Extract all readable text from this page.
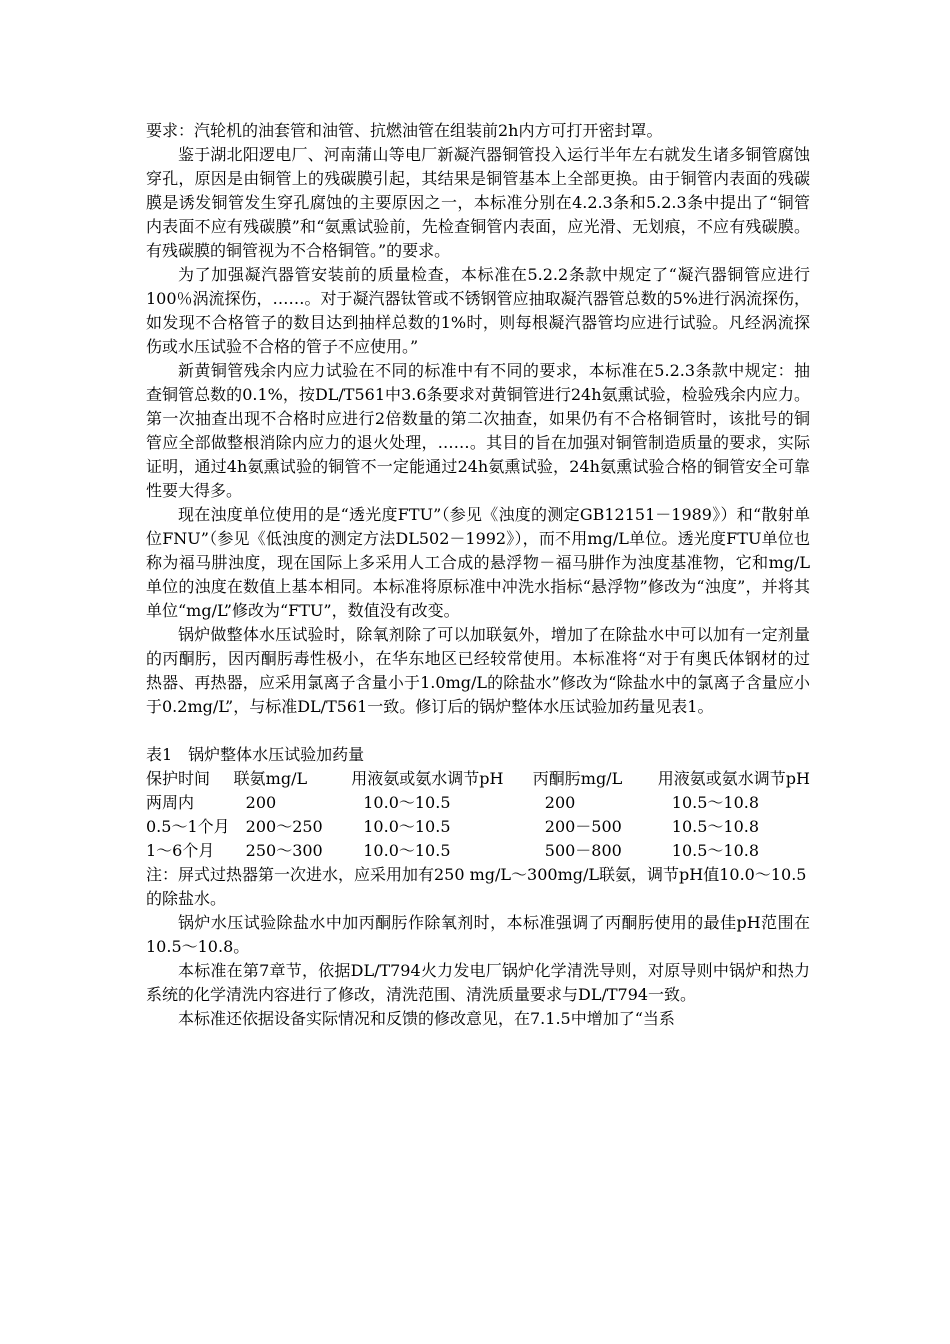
要求：汽轮机的油套管和油管、抗燃油管在组装前2h内方可打开密封罩。

鉴于湖北阳逻电厂、河南蒲山等电厂新凝汽器铜管投入运行半年左右就发生诸多铜管腐蚀穿孔，原因是由铜管上的残碳膜引起，其结果是铜管基本上全部更换。由于铜管内表面的残碳膜是诱发铜管发生穿孔腐蚀的主要原因之一，本标准分别在4.2.3条和5.2.3条中提出了“铜管内表面不应有残碳膜”和“氨熏试验前，先检查铜管内表面，应光滑、无划痕，不应有残碳膜。有残碳膜的铜管视为不合格铜管。”的要求。

为了加强凝汽器管安装前的质量检查，本标准在5.2.2条款中规定了“凝汽器铜管应进行100％涡流探伤，……。对于凝汽器钛管或不锈钢管应抽取凝汽器管总数的5%进行涡流探伤，如发现不合格管子的数目达到抽样总数的1%时，则每根凝汽器管均应进行试验。凡经涡流探伤或水压试验不合格的管子不应使用。”

新黄铜管残余内应力试验在不同的标准中有不同的要求，本标准在5.2.3条款中规定：抽查铜管总数的0.1%，按DL/T561中3.6条要求对黄铜管进行24h氨熏试验，检验残余内应力。第一次抽查出现不合格时应进行2倍数量的第二次抽查，如果仍有不合格铜管时，该批号的铜管应全部做整根消除内应力的退火处理，……。其目的旨在加强对铜管制造质量的要求，实际证明，通过4h氨熏试验的铜管不一定能通过24h氨熏试验，24h氨熏试验合格的铜管安全可靠性要大得多。

现在浊度单位使用的是“透光度FTU”（参见《浊度的测定GB12151－1989》）和“散射单位FNU”（参见《低浊度的测定方法DL502－1992》），而不用mg/L单位。透光度FTU单位也称为福马肼浊度，现在国际上多采用人工合成的悬浮物－福马肼作为浊度基准物，它和mg/L单位的浊度在数值上基本相同。本标准将原标准中冲洗水指标“悬浮物”修改为“浊度”，并将其单位“mg/L”修改为“FTU”，数值没有改变。

锅炉做整体水压试验时，除氧剂除了可以加联氨外，增加了在除盐水中可以加有一定剂量的丙酮肟，因丙酮肟毒性极小，在华东地区已经较常使用。本标准将“对于有奥氏体钢材的过热器、再热器，应采用氯离子含量小于1.0mg/L的除盐水”修改为“除盐水中的氯离子含量应小于0.2mg/L”，与标准DL/T561一致。修订后的锅炉整体水压试验加药量见表1。

表1　锅炉整体水压试验加药量

保护时间	联氨mg/L	用液氨或氨水调节pH	丙酮肟mg/L	用液氨或氨水调节pH
两周内	200	10.0～10.5	200	10.5～10.8
0.5～1个月	200～250	10.0～10.5	200－500	10.5～10.8
1～6个月	250～300	10.0～10.5	500－800	10.5～10.8

注：屏式过热器第一次进水，应采用加有250 mg/L～300mg/L联氨，调节pH值10.0～10.5的除盐水。

锅炉水压试验除盐水中加丙酮肟作除氧剂时，本标准强调了丙酮肟使用的最佳pH范围在10.5～10.8。

本标准在第7章节，依据DL/T794火力发电厂锅炉化学清洗导则，对原导则中锅炉和热力系统的化学清洗内容进行了修改，清洗范围、清洗质量要求与DL/T794一致。

本标准还依据设备实际情况和反馈的修改意见，在7.1.5中增加了“当系
